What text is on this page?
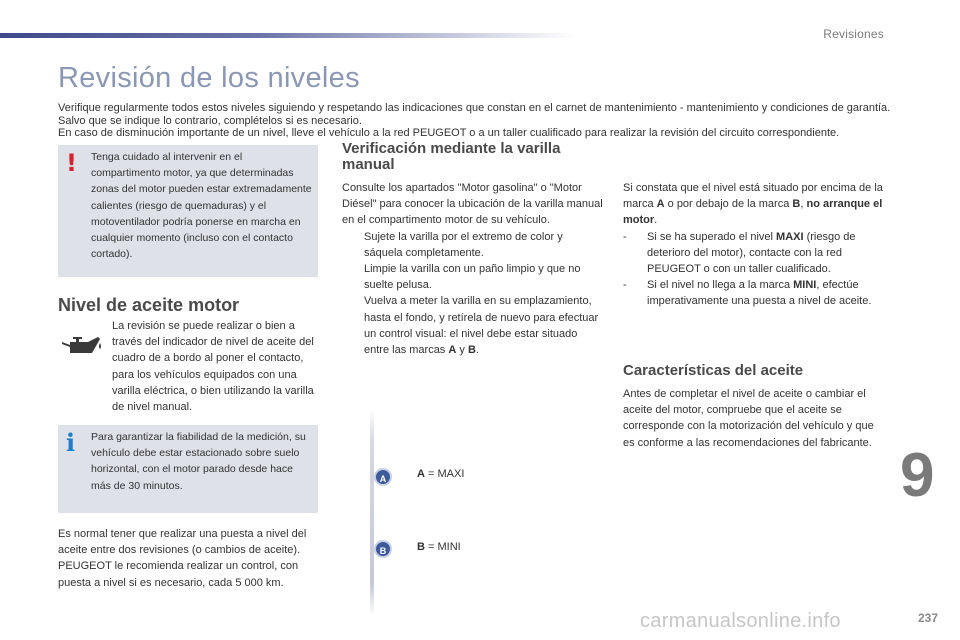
Revisiones
Revisión de los niveles

Verifique regularmente todos estos niveles siguiendo y respetando las indicaciones que constan en el carnet de mantenimiento - mantenimiento y condiciones de garantía. Salvo que se indique lo contrario, complételos si es necesario.

En caso de disminución importante de un nivel, lleve el vehículo a la red PEUGEOT o a un taller cualificado para realizar la revisión del circuito correspondiente.

! Tenga cuidado al intervenir en el compartimento motor, ya que determinadas zonas del motor pueden estar extremadamente calientes (riesgo de quemaduras) y el motoventilador podría ponerse en marcha en cualquier momento (incluso con el contacto cortado).
Nivel de aceite motor
La revisión se puede realizar o bien a través del indicador de nivel de aceite del cuadro de a bordo al poner el contacto, para los vehículos equipados con una varilla eléctrica, o bien utilizando la varilla de nivel manual.
i Para garantizar la fiabilidad de la medición, su vehículo debe estar estacionado sobre suelo horizontal, con el motor parado desde hace más de 30 minutos.
Es normal tener que realizar una puesta a nivel del aceite entre dos revisiones (o cambios de aceite). PEUGEOT le recomienda realizar un control, con puesta a nivel si es necesario, cada 5 000 km.
Verificación mediante la varilla manual

Consulte los apartados "Motor gasolina" o "Motor Diésel" para conocer la ubicación de la varilla manual en el compartimento motor de su vehículo.

Sujete la varilla por el extremo de color y sáquela completamente.
Limpie la varilla con un paño limpio y que no suelte pelusa.
Vuelva a meter la varilla en su emplazamiento, hasta el fondo, y retírela de nuevo para efectuar un control visual: el nivel debe estar situado entre las marcas A y B.
A
B
A = MAXI
B = MINI

Si constata que el nivel está situado por encima de la marca A o por debajo de la marca B, no arranque el motor.

- Si se ha superado el nivel MAXI (riesgo de deterioro del motor), contacte con la red PEUGEOT o con un taller cualificado.
- Si el nivel no llega a la marca MINI, efectúe imperativamente una puesta a nivel de aceite.
Características del aceite
Antes de completar el nivel de aceite o cambiar el aceite del motor, compruebe que el aceite se corresponde con la motorización del vehículo y que es conforme a las recomendaciones del fabricante. 9
237
carmanualsonline.info
